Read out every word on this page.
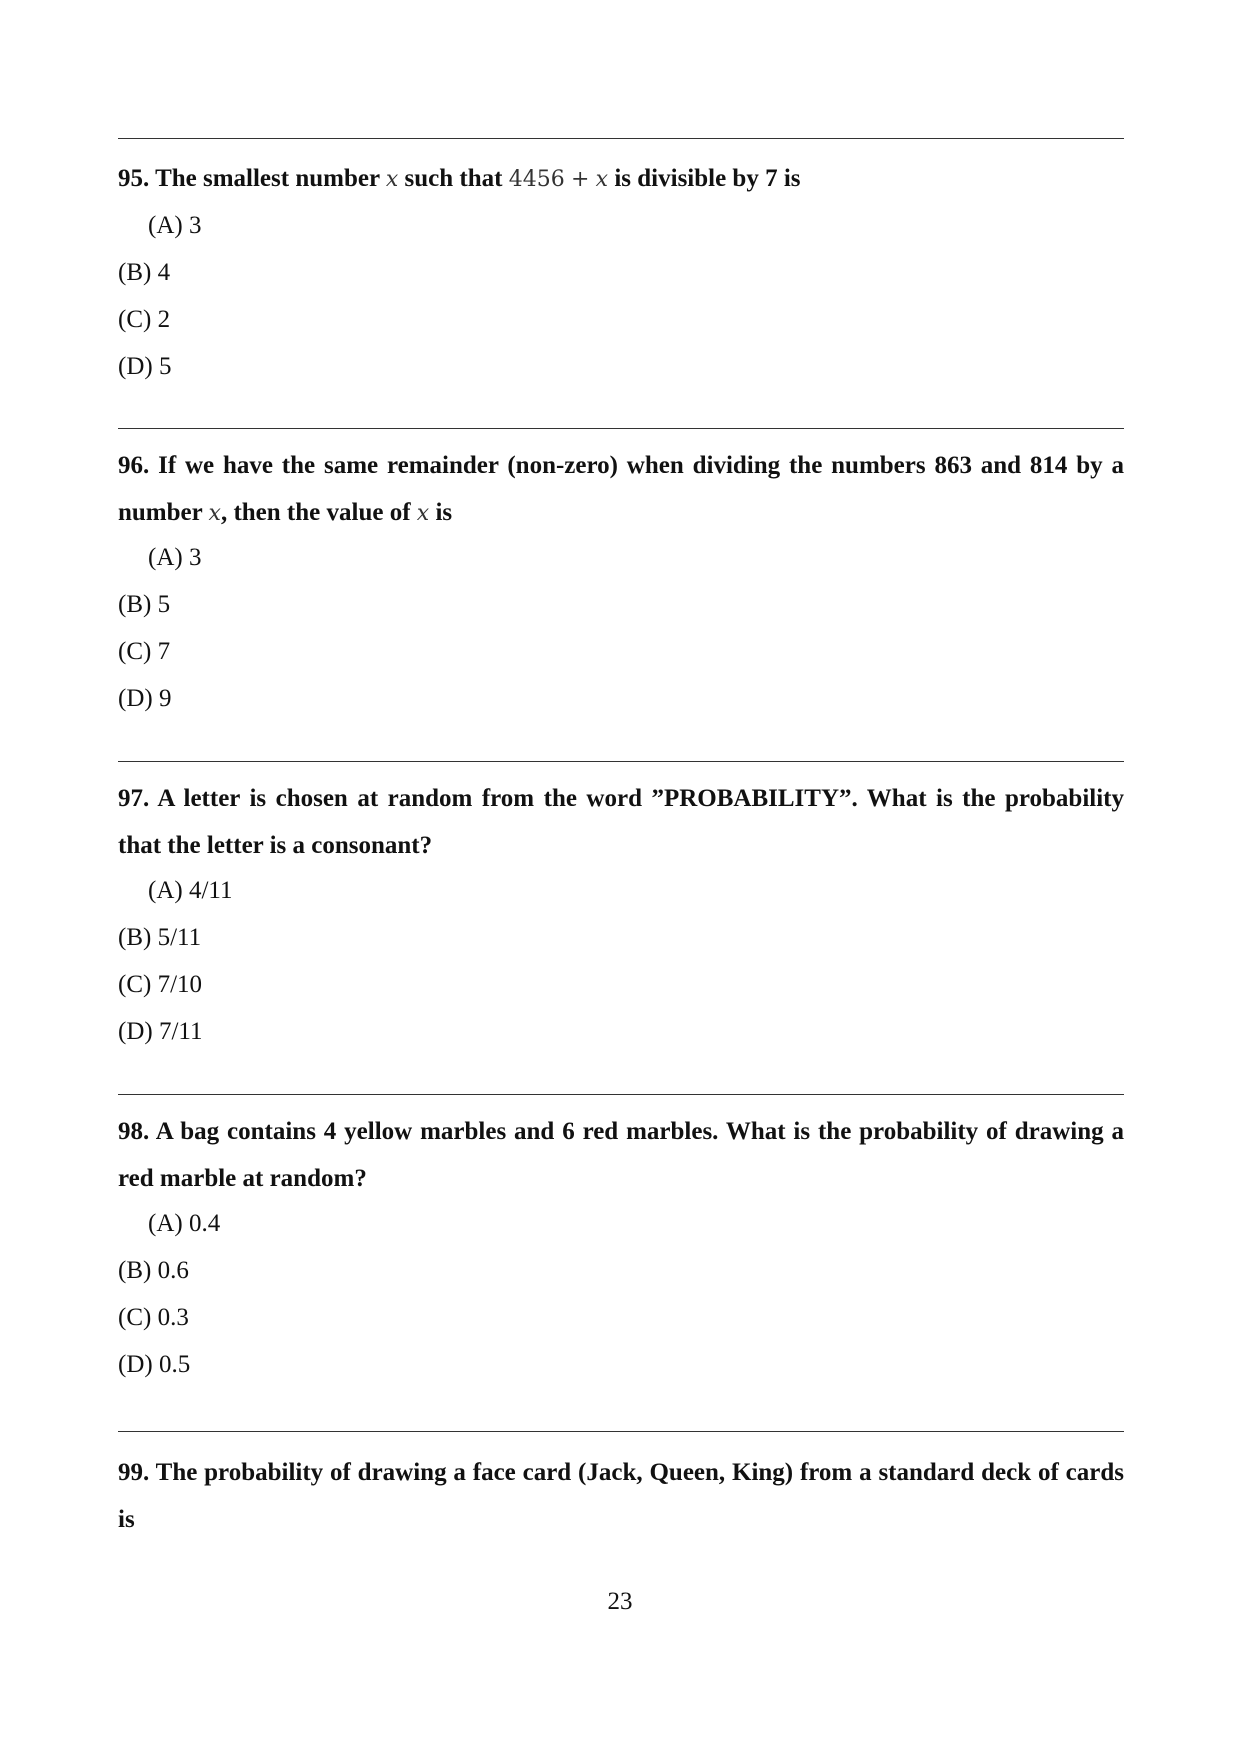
95. The smallest number x such that 4456 + x is divisible by 7 is
(A) 3
(B) 4
(C) 2
(D) 5
96. If we have the same remainder (non-zero) when dividing the numbers 863 and 814 by a number x, then the value of x is
(A) 3
(B) 5
(C) 7
(D) 9
97. A letter is chosen at random from the word ”PROBABILITY”. What is the probability that the letter is a consonant?
(A) 4/11
(B) 5/11
(C) 7/10
(D) 7/11
98. A bag contains 4 yellow marbles and 6 red marbles. What is the probability of drawing a red marble at random?
(A) 0.4
(B) 0.6
(C) 0.3
(D) 0.5
99. The probability of drawing a face card (Jack, Queen, King) from a standard deck of cards is
23
